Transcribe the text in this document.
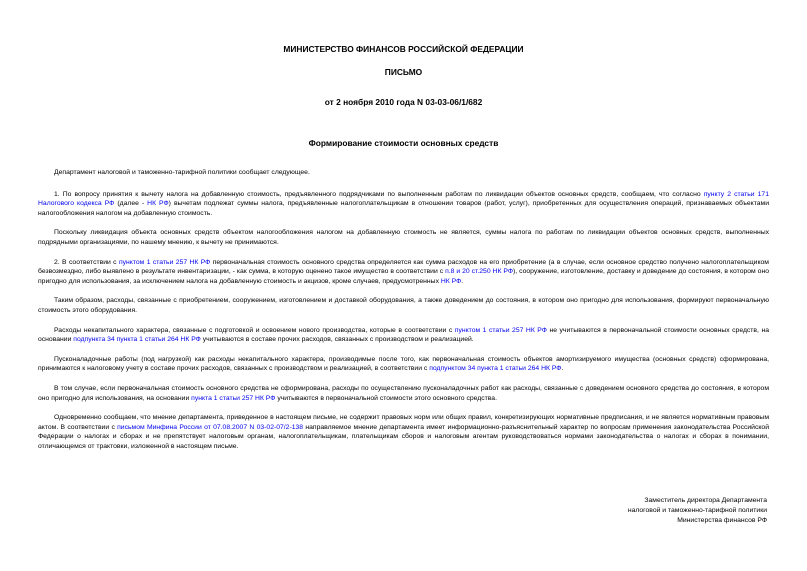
МИНИСТЕРСТВО ФИНАНСОВ РОССИЙСКОЙ ФЕДЕРАЦИИ
ПИСЬМО
от 2 ноября 2010 года N 03-03-06/1/682
Формирование стоимости основных средств

Департамент налоговой и таможенно-тарифной политики сообщает следующее.

1. По вопросу принятия к вычету налога на добавленную стоимость, предъявленного подрядчиками по выполненным работам по ликвидации объектов основных средств, сообщаем, что согласно пункту 2 статьи 171 Налогового кодекса РФ (далее - НК РФ) вычетам подлежат суммы налога, предъявленные налогоплательщикам в отношении товаров (работ, услуг), приобретенных для осуществления операций, признаваемых объектами налогообложения налогом на добавленную стоимость.

Поскольку ликвидация объекта основных средств объектом налогообложения налогом на добавленную стоимость не является, суммы налога по работам по ликвидации объектов основных средств, выполненных подрядными организациями, по нашему мнению, к вычету не принимаются.

2. В соответствии с пунктом 1 статьи 257 НК РФ первоначальная стоимость основного средства определяется как сумма расходов на его приобретение (а в случае, если основное средство получено налогоплательщиком безвозмездно, либо выявлено в результате инвентаризации, - как сумма, в которую оценено такое имущество в соответствии с п.8 и 20 ст.250 НК РФ), сооружение, изготовление, доставку и доведение до состояния, в котором оно пригодно для использования, за исключением налога на добавленную стоимость и акцизов, кроме случаев, предусмотренных НК РФ.

Таким образом, расходы, связанные с приобретением, сооружением, изготовлением и доставкой оборудования, а также доведением до состояния, в котором оно пригодно для использования, формируют первоначальную стоимость этого оборудования.

Расходы некапитального характера, связанные с подготовкой и освоением нового производства, которые в соответствии с пунктом 1 статьи 257 НК РФ не учитываются в первоначальной стоимости основных средств, на основании подпункта 34 пункта 1 статьи 264 НК РФ учитываются в составе прочих расходов, связанных с производством и реализацией.

Пусконаладочные работы (под нагрузкой) как расходы некапитального характера, производимые после того, как первоначальная стоимость объектов амортизируемого имущества (основных средств) сформирована, принимаются к налоговому учету в составе прочих расходов, связанных с производством и реализацией, в соответствии с подпунктом 34 пункта 1 статьи 264 НК РФ.

В том случае, если первоначальная стоимость основного средства не сформирована, расходы по осуществлению пусконаладочных работ как расходы, связанные с доведением основного средства до состояния, в котором оно пригодно для использования, на основании пункта 1 статьи 257 НК РФ учитываются в первоначальной стоимости этого основного средства.

Одновременно сообщаем, что мнение департамента, приведенное в настоящем письме, не содержит правовых норм или общих правил, конкретизирующих нормативные предписания, и не является нормативным правовым актом. В соответствии с письмом Минфина России от 07.08.2007 N 03-02-07/2-138 направляемое мнение департамента имеет информационно-разъяснительный характер по вопросам применения законодательства Российской Федерации о налогах и сборах и не препятствует налоговым органам, налогоплательщикам, плательщикам сборов и налоговым агентам руководствоваться нормами законодательства о налогах и сборах в понимании, отличающемся от трактовки, изложенной в настоящем письме.

Заместитель директора Департамента
налоговой и таможенно-тарифной политики
Министерства финансов РФ
